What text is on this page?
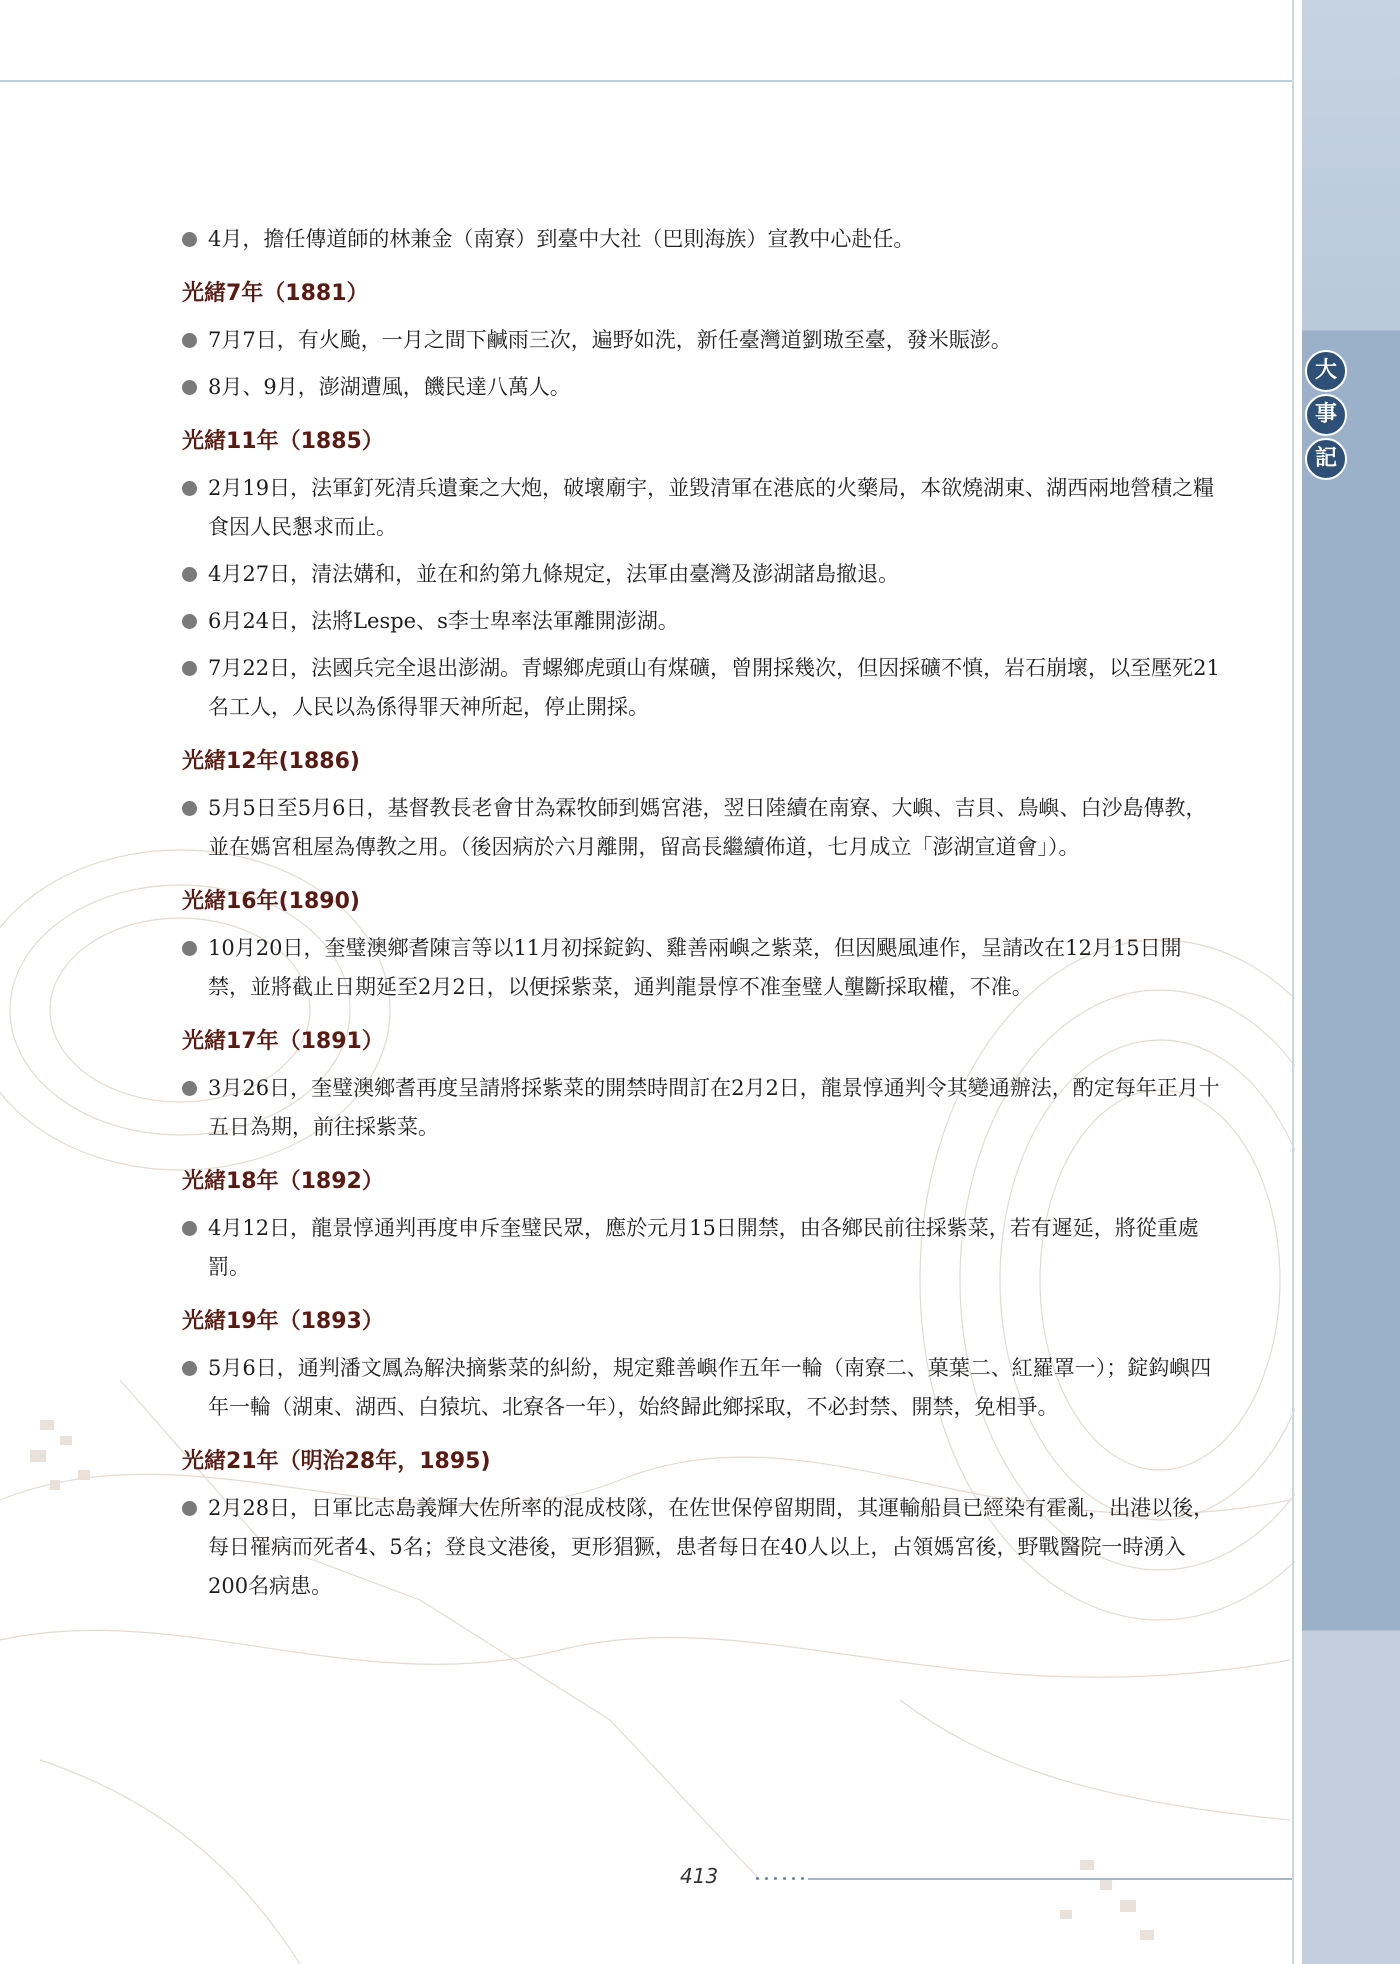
大
事
記
4月，擔任傳道師的林兼金（南寮）到臺中大社（巴則海族）宣教中心赴任。
光緒7年（1881）
7月7日，有火颱，一月之間下鹹雨三次，遍野如洗，新任臺灣道劉璈至臺，發米賑澎。
8月、9月，澎湖遭風，饑民達八萬人。
光緒11年（1885）
2月19日，法軍釘死清兵遺棄之大炮，破壞廟宇，並毀清軍在港底的火藥局，本欲燒湖東、湖西兩地營積之糧食因人民懇求而止。
4月27日，清法媾和，並在和約第九條規定，法軍由臺灣及澎湖諸島撤退。
6月24日，法將Lespe、s李士卑率法軍離開澎湖。
7月22日，法國兵完全退出澎湖。青螺鄉虎頭山有煤礦，曾開採幾次，但因採礦不慎，岩石崩壞，以至壓死21名工人，人民以為係得罪天神所起，停止開採。
光緒12年(1886)
5月5日至5月6日，基督教長老會甘為霖牧師到媽宮港，翌日陸續在南寮、大嶼、吉貝、鳥嶼、白沙島傳教，並在媽宮租屋為傳教之用。（後因病於六月離開，留高長繼續佈道，七月成立「澎湖宣道會」）。
光緒16年(1890)
10月20日，奎璧澳鄉耆陳言等以11月初採錠鈎、雞善兩嶼之紫菜，但因颶風連作，呈請改在12月15日開禁，並將截止日期延至2月2日，以便採紫菜，通判龍景惇不准奎璧人壟斷採取權，不准。
光緒17年（1891）
3月26日，奎璧澳鄉耆再度呈請將採紫菜的開禁時間訂在2月2日，龍景惇通判令其變通辦法，酌定每年正月十五日為期，前往採紫菜。
光緒18年（1892）
4月12日，龍景惇通判再度申斥奎璧民眾，應於元月15日開禁，由各鄉民前往採紫菜，若有遲延，將從重處罰。
光緒19年（1893）
5月6日，通判潘文鳳為解決摘紫菜的糾紛，規定雞善嶼作五年一輪（南寮二、菓葉二、紅羅罩一）；錠鈎嶼四年一輪（湖東、湖西、白猿坑、北寮各一年），始終歸此鄉採取，不必封禁、開禁，免相爭。
光緒21年（明治28年，1895)
2月28日，日軍比志島義輝大佐所率的混成枝隊，在佐世保停留期間，其運輸船員已經染有霍亂，出港以後，每日罹病而死者4、5名；登良文港後，更形猖獗，患者每日在40人以上，占領媽宮後，野戰醫院一時湧入200名病患。
413
